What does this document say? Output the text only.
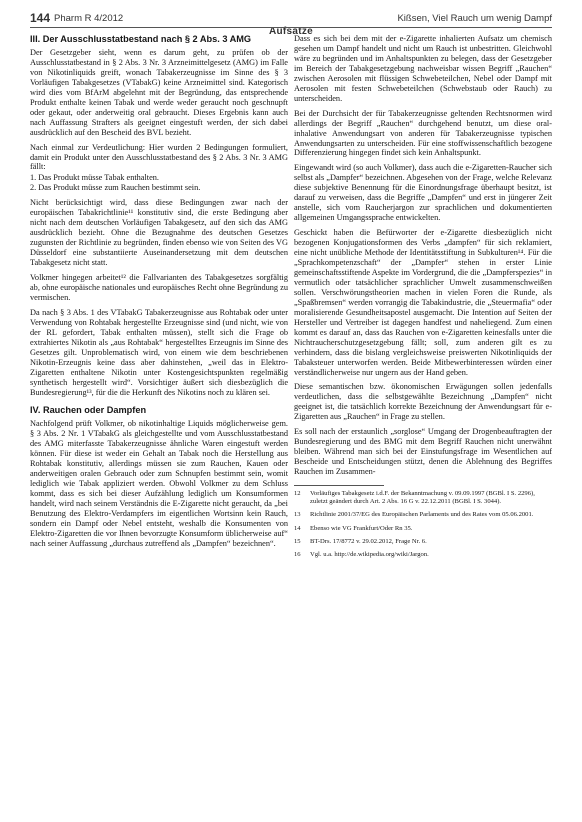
144 Pharm R 4/2012
Aufsätze
Kißsen, Viel Rauch um wenig Dampf
III. Der Ausschlusstatbestand nach § 2 Abs. 3 AMG

Der Gesetzgeber sieht, wenn es darum geht, zu prüfen ob der Ausschlusstatbestand in § 2 Abs. 3 Nr. 3 Arzneimittelgesetz (AMG) im Falle von Nikotinliquids greift, wonach Tabakerzeugnisse im Sinne des § 3 Vorläufigen Tabakgesetzes (VTabakG) keine Arzneimittel sind. Kategorisch wird dies vom BfArM abgelehnt mit der Begründung, das entsprechende Produkt enthalte keinen Tabak und werde weder geraucht noch geschnupft oder gekaut, oder anderweitig oral gebraucht. Dieses Ergebnis kann auch nach Auffassung Strafters als geeignet eingestuft werden, der sich dabei ausdrücklich auf den Bescheid des BVL bezieht.

Nach einmal zur Verdeutlichung: Hier wurden 2 Bedingungen formuliert, damit ein Produkt unter den Ausschlusstatbestand des § 2 Abs. 3 Nr. 3 AMG fällt:

1. Das Produkt müsse Tabak enthalten.

2. Das Produkt müsse zum Rauchen bestimmt sein.

Nicht berücksichtigt wird, dass diese Bedingungen zwar nach der europäischen Tabakrichtlinie¹¹ konstitutiv sind, die erste Bedingung aber nicht nach dem deutschen Vorläufigen Tabakgesetz, auf den sich das AMG ausdrücklich bezieht. Ohne die Bezugnahme des deutschen Gesetzes zugunsten der Richtlinie zu begründen, finden ebenso wie von Seiten des VG Düsseldorf eine substantiierte Auseinandersetzung mit dem deutschen Tabakgesetz nicht statt.

Volkmer hingegen arbeitet¹² die Fallvarianten des Tabakgesetzes sorgfältig ab, ohne europäische nationales und europäisches Recht ohne Begründung zu vermischen.

Da nach § 3 Abs. 1 des VTabakG Tabakerzeugnisse aus Rohtabak oder unter Verwendung von Rohtabak hergestellte Erzeugnisse sind (und nicht, wie von der RL gefordert, Tabak enthalten müssen), stellt sich die Frage ob extrahiertes Nikotin als „aus Rohtabak“ hergestelltes Erzeugnis im Sinne des Gesetzes gilt. Unproblematisch wird, von einem wie dem beschriebenen Nikotin-Erzeugnis keine dass aber dahinstehen, „weil das in Elektro-Zigaretten enthaltene Nikotin unter Kostengesichtspunkten regelmäßig synthetisch hergestellt wird“. Vorsichtiger äußert sich diesbezüglich die Bundesregierung¹³, für die die Herkunft des Nikotins noch zu klären sei.

IV. Rauchen oder Dampfen

Nachfolgend prüft Volkmer, ob nikotinhaltige Liquids möglicherweise gem. § 3 Abs. 2 Nr. 1 VTabakG als gleichgestellte und vom Ausschlusstatbestand des AMG miterfasste Tabakerzeugnisse ähnliche Waren eingestuft werden können. Für diese ist weder ein Gehalt an Tabak noch die Herstellung aus Rohtabak konstitutiv, allerdings müssen sie zum Rauchen, Kauen oder anderweitigen oralen Gebrauch oder zum Schnupfen bestimmt sein, womit lediglich wie Tabak appliziert werden. Obwohl Volkmer zu dem Schluss kommt, dass es sich bei dieser Aufzählung lediglich um Konsumformen handelt, wird nach seinem Verständnis die E-Zigarette nicht geraucht, da „bei Benutzung des Elektro-Verdampfers im eigentlichen Wortsinn kein Rauch, sondern ein Dampf oder Nebel entsteht, weshalb die Konsumenten von Elektro-Zigaretten die vor Ihnen bevorzugte Konsumform üblicherweise auf“ nach seiner Auffassung „durchaus zutreffend als „Dampfen“ bezeichnen“.

Dass es sich bei dem mit der e-Zigarette inhalierten Aufsatz um chemisch gesehen um Dampf handelt und nicht um Rauch ist unbestritten. Gleichwohl wäre zu begründen und im Anhaltspunkten zu belegen, dass der Gesetzgeber im Bereich der Tabakgesetzgebung nachweisbar wissen Begriff „Rauchen“ zwischen Aerosolen mit flüssigen Schwebeteilchen, Nebel oder Dampf mit Aerosolen mit festen Schwebeteilchen (Schwebstaub oder Rauch) zu unterscheiden.

Bei der Durchsicht der für Tabakerzeugnisse geltenden Rechtsnormen wird allerdings der Begriff „Rauchen“ durchgehend benutzt, um diese oral-inhalative Anwendungsart von anderen für Tabakerzeugnisse typischen Anwendungsarten zu unterscheiden. Für eine stoffwissenschaftlich bezogene Differenzierung hingegen findet sich kein Anhaltspunkt.

Eingewandt wird (so auch Volkmer), dass auch die e-Zigaretten-Raucher sich selbst als „Dampfer“ bezeichnen. Abgesehen von der Frage, welche Relevanz diese subjektive Benennung für die Einordnungsfrage überhaupt besitzt, ist darauf zu verweisen, dass die Begriffe „Dampfen“ und erst in jüngerer Zeit anstelle, sich vom Raucherjargon zur sprachlichen und dokumentierten allgemeinen Umgangssprache entwickelten.

Geschickt haben die Befürworter der e-Zigarette diesbezüglich nicht bezogenen Konjugationsformen des Verbs „dampfen“ für sich reklamiert, eine nicht unübliche Methode der Identitätsstiftung in Subkulturen¹⁴. Für die „Sprachkompetenzschaft“ der „Dampfer“ stehen in erster Linie gemeinschaftsstiftende Aspekte im Vordergrund, die die „Dampferspezies“ in vermutlich oder tatsächlicher sprachlicher Umwelt zusammenschweißen sollen. Verschwörungstheorien machen in vielen Foren die Runde, als „Spaßbremsen“ werden vorrangig die Tabakindustrie, die „Steuermafia“ oder moralisierende Gesundheitsapostel ausgemacht. Die Intention auf Seiten der Hersteller und Vertreiber ist dagegen handfest und naheliegend. Zum einen kommt es darauf an, dass das Rauchen von e-Zigaretten keinesfalls unter die Nichtraucherschutzgesetzgebung fällt; soll, zum anderen gilt es zu verhindern, dass die bislang vergleichsweise preiswerten Nikotinliquids der Tabaksteuer unterworfen werden. Beide Mitbewerbinteressen würden einer verständlicherweise nur ungern aus der Hand geben.

Diese semantischen bzw. ökonomischen Erwägungen sollen jedenfalls verdeutlichen, dass die selbstgewählte Bezeichnung „Dampfen“ nicht geeignet ist, die tatsächlich korrekte Bezeichnung der Anwendungsart für e-Zigaretten aus „Rauchen“ in Frage zu stellen.

Es soll nach der erstaunlich „sorglose“ Umgang der Drogenbeauftragten der Bundesregierung und des BMG mit dem Begriff Rauchen nicht unerwähnt bleiben. Während man sich bei der Einstufungsfrage im Wesentlichen auf Bescheide und Entscheidungen stützt, denen die Ablehnung des Begriffes Rauchen im Zusammen-

12 Vorläufiges Tabakgesetz i.d.F. der Bekanntmachung v. 09.09.1997 (BGBl. I S. 2296), zuletzt geändert durch Art. 2 Abs. 16 G v. 22.12.2011 (BGBl. I S. 3044).

13 Richtlinie 2001/37/EG des Europäischen Parlaments und des Rates vom 05.06.2001.

14 Ebenso wie VG Frankfurt/Oder Rn 35.

15 BT-Drs. 17/8772 v. 29.02.2012, Frage Nr. 6.

16 Vgl. u.a. http://de.wikipedia.org/wiki/Jargon.
